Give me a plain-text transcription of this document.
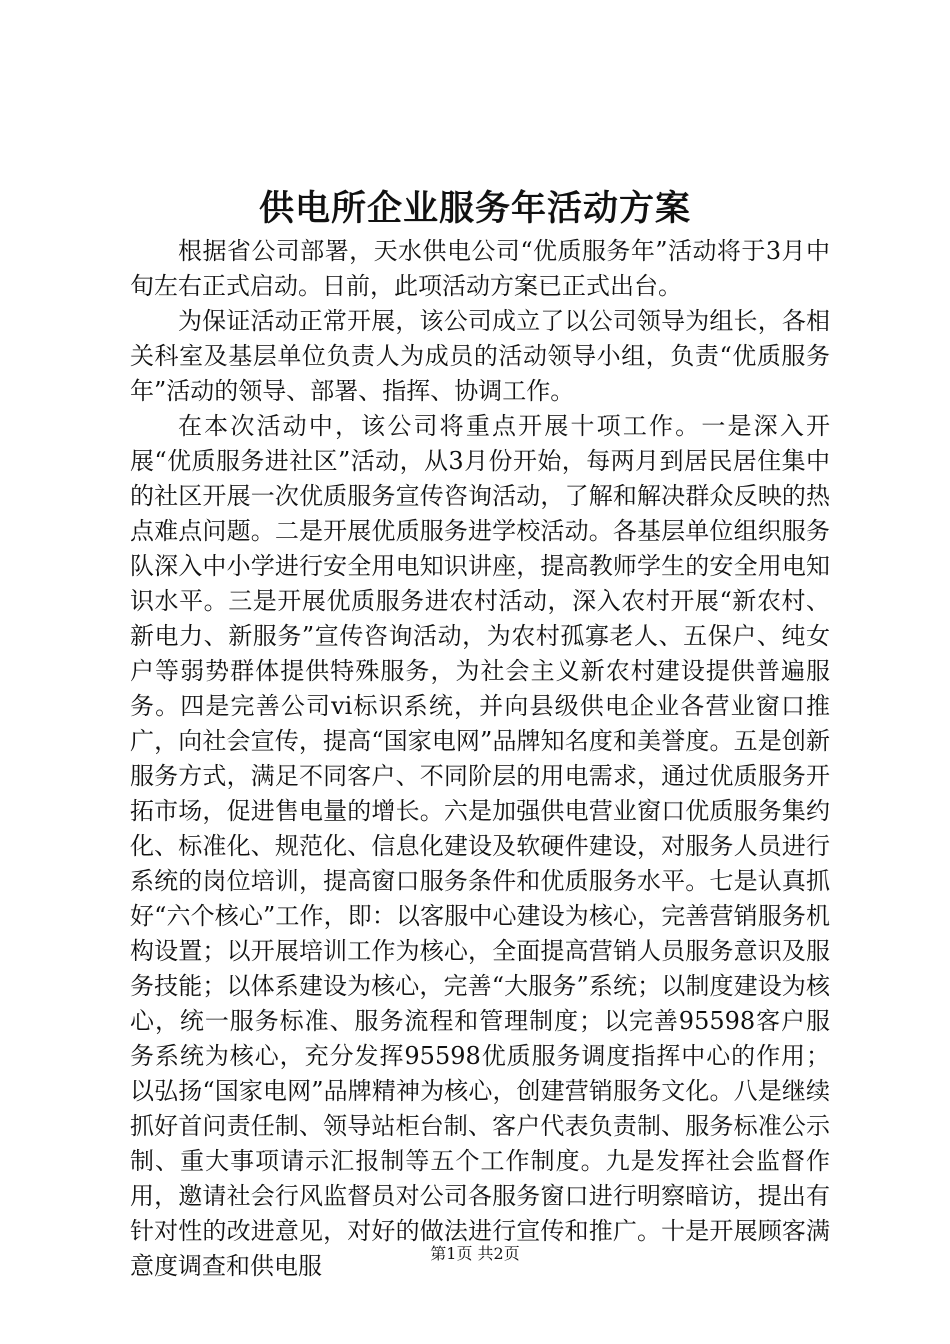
供电所企业服务年活动方案

根据省公司部署，天水供电公司“优质服务年”活动将于3月中旬左右正式启动。日前，此项活动方案已正式出台。

为保证活动正常开展，该公司成立了以公司领导为组长，各相关科室及基层单位负责人为成员的活动领导小组，负责“优质服务年”活动的领导、部署、指挥、协调工作。

在本次活动中，该公司将重点开展十项工作。一是深入开展“优质服务进社区”活动，从3月份开始，每两月到居民居住集中的社区开展一次优质服务宣传咨询活动，了解和解决群众反映的热点难点问题。二是开展优质服务进学校活动。各基层单位组织服务队深入中小学进行安全用电知识讲座，提高教师学生的安全用电知识水平。三是开展优质服务进农村活动，深入农村开展“新农村、新电力、新服务”宣传咨询活动，为农村孤寡老人、五保户、纯女户等弱势群体提供特殊服务，为社会主义新农村建设提供普遍服务。四是完善公司vi标识系统，并向县级供电企业各营业窗口推广，向社会宣传，提高“国家电网”品牌知名度和美誉度。五是创新服务方式，满足不同客户、不同阶层的用电需求，通过优质服务开拓市场，促进售电量的增长。六是加强供电营业窗口优质服务集约化、标准化、规范化、信息化建设及软硬件建设，对服务人员进行系统的岗位培训，提高窗口服务条件和优质服务水平。七是认真抓好“六个核心”工作，即：以客服中心建设为核心，完善营销服务机构设置；以开展培训工作为核心，全面提高营销人员服务意识及服务技能；以体系建设为核心，完善“大服务”系统；以制度建设为核心，统一服务标准、服务流程和管理制度；以完善95598客户服务系统为核心，充分发挥95598优质服务调度指挥中心的作用；以弘扬“国家电网”品牌精神为核心，创建营销服务文化。八是继续抓好首问责任制、领导站柜台制、客户代表负责制、服务标准公示制、重大事项请示汇报制等五个工作制度。九是发挥社会监督作用，邀请社会行风监督员对公司各服务窗口进行明察暗访，提出有针对性的改进意见，对好的做法进行宣传和推广。十是开展顾客满意度调查和供电服	第1页 共2页
